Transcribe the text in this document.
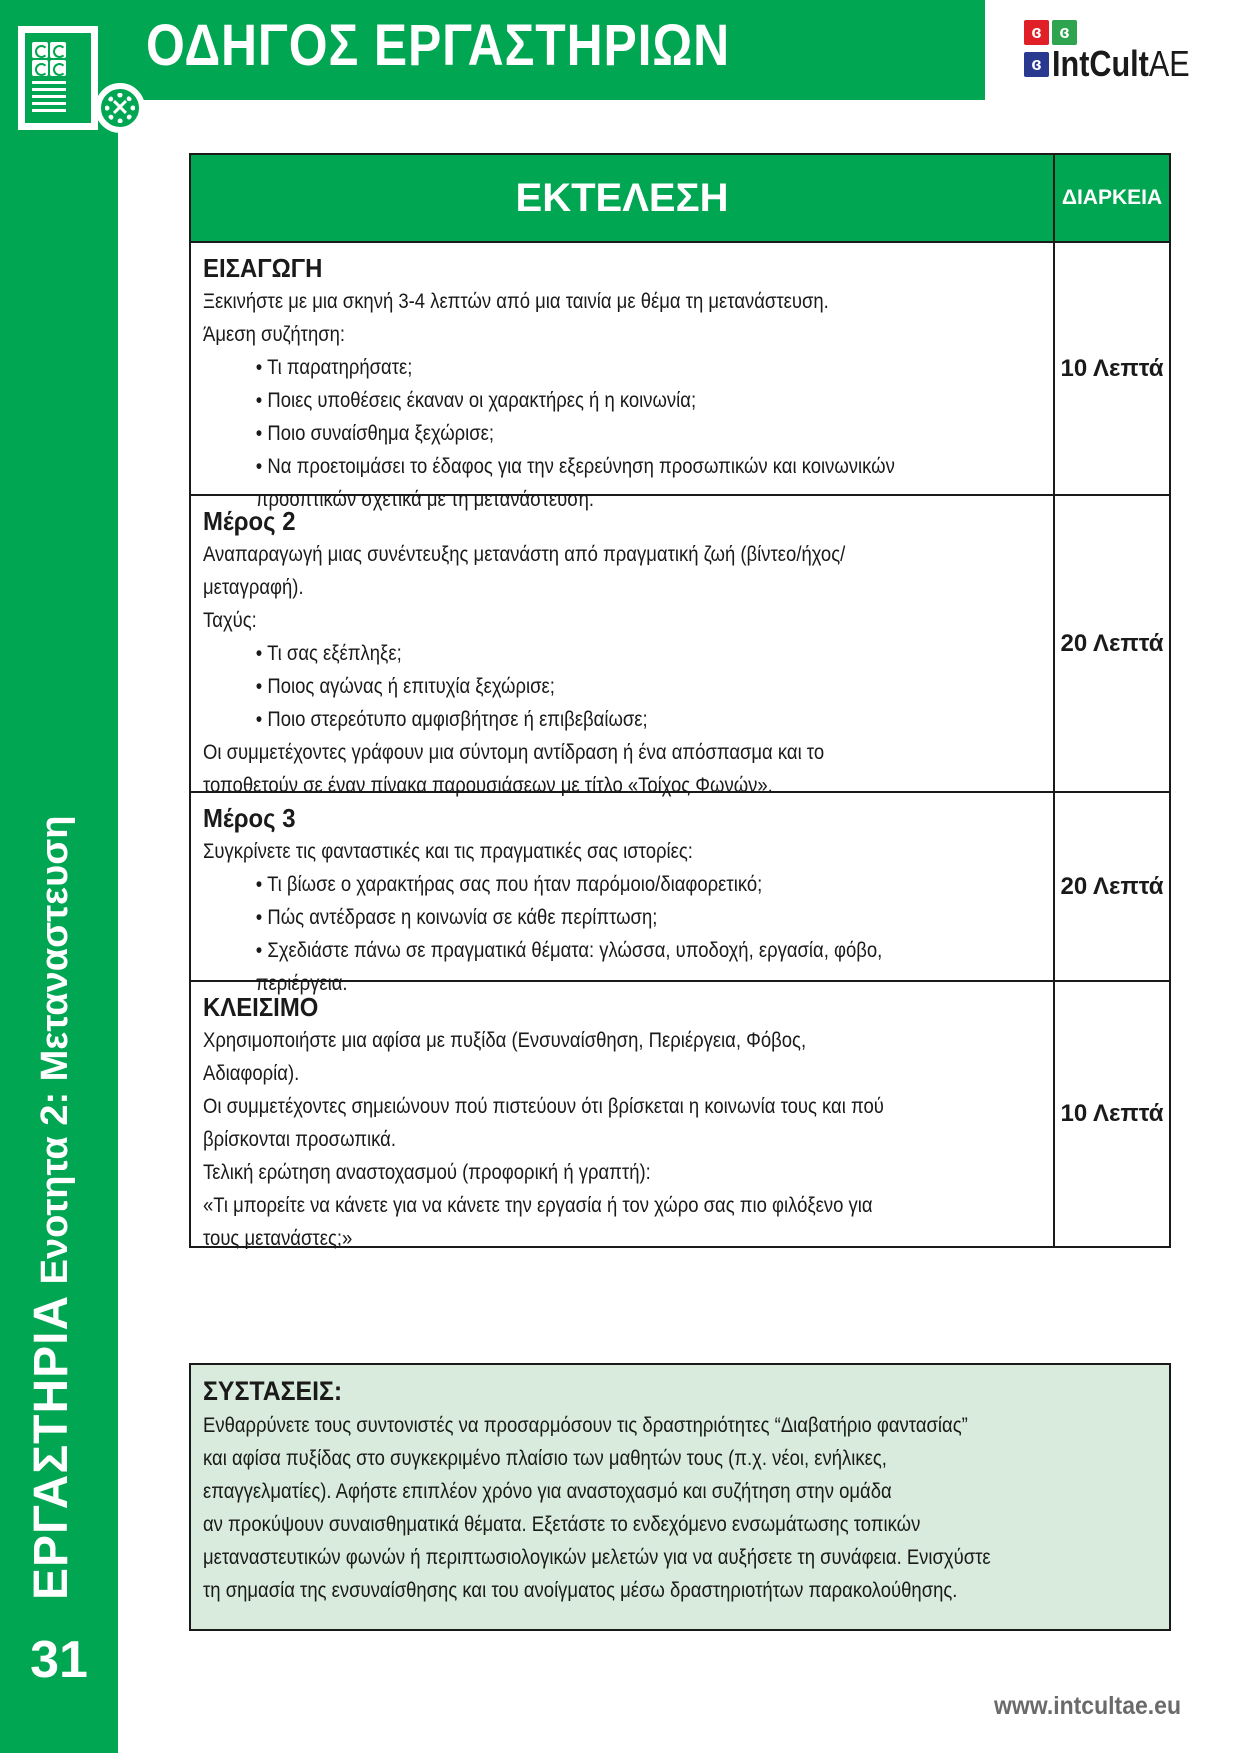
✕
ΟΔΗΓΟΣ ΕΡΓΑΣΤΗΡΙΩΝ	ɞ ɞ
ɞ IntCultAE
ΕΡΓΑΣΤΗΡΙΑ Ενοτητα 2: Μεταναστευση
31
ΕΚΤΕΛΕΣΗ	ΔΙΑΡΚΕΙΑ
ΕΙΣΑΓΩΓΗ
Ξεκινήστε με μια σκηνή 3-4 λεπτών από μια ταινία με θέμα τη μετανάστευση.
Άμεση συζήτηση:
• Τι παρατηρήσατε;
• Ποιες υποθέσεις έκαναν οι χαρακτήρες ή η κοινωνία;
• Ποιο συναίσθημα ξεχώρισε;
• Να προετοιμάσει το έδαφος για την εξερεύνηση προσωπικών και κοινωνικών
προοπτικών σχετικά με τη μετανάστευση.
10 Λεπτά
Μέρος 2
Αναπαραγωγή μιας συνέντευξης μετανάστη από πραγματική ζωή (βίντεο/ήχος/
μεταγραφή).
Ταχύς:
• Τι σας εξέπληξε;
• Ποιος αγώνας ή επιτυχία ξεχώρισε;
• Ποιο στερεότυπο αμφισβήτησε ή επιβεβαίωσε;
Οι συμμετέχοντες γράφουν μια σύντομη αντίδραση ή ένα απόσπασμα και το
τοποθετούν σε έναν πίνακα παρουσιάσεων με τίτλο «Τοίχος Φωνών».
20 Λεπτά
Μέρος 3
Συγκρίνετε τις φανταστικές και τις πραγματικές σας ιστορίες:
• Τι βίωσε ο χαρακτήρας σας που ήταν παρόμοιο/διαφορετικό;
• Πώς αντέδρασε η κοινωνία σε κάθε περίπτωση;
• Σχεδιάστε πάνω σε πραγματικά θέματα: γλώσσα, υποδοχή, εργασία, φόβο,
περιέργεια.
20 Λεπτά
ΚΛΕΙΣΙΜΟ
Χρησιμοποιήστε μια αφίσα με πυξίδα (Ενσυναίσθηση, Περιέργεια, Φόβος,
Αδιαφορία).
Οι συμμετέχοντες σημειώνουν πού πιστεύουν ότι βρίσκεται η κοινωνία τους και πού
βρίσκονται προσωπικά.
Τελική ερώτηση αναστοχασμού (προφορική ή γραπτή):
«Τι μπορείτε να κάνετε για να κάνετε την εργασία ή τον χώρο σας πιο φιλόξενο για
τους μετανάστες;»
10 Λεπτά
ΣΥΣΤΑΣΕΙΣ:
Ενθαρρύνετε τους συντονιστές να προσαρμόσουν τις δραστηριότητες “Διαβατήριο φαντασίας”
και αφίσα πυξίδας στο συγκεκριμένο πλαίσιο των μαθητών τους (π.χ. νέοι, ενήλικες,
επαγγελματίες). Αφήστε επιπλέον χρόνο για αναστοχασμό και συζήτηση στην ομάδα
αν προκύψουν συναισθηματικά θέματα. Εξετάστε το ενδεχόμενο ενσωμάτωσης τοπικών
μεταναστευτικών φωνών ή περιπτωσιολογικών μελετών για να αυξήσετε τη συνάφεια. Ενισχύστε
τη σημασία της ενσυναίσθησης και του ανοίγματος μέσω δραστηριοτήτων παρακολούθησης.
www.intcultae.eu
